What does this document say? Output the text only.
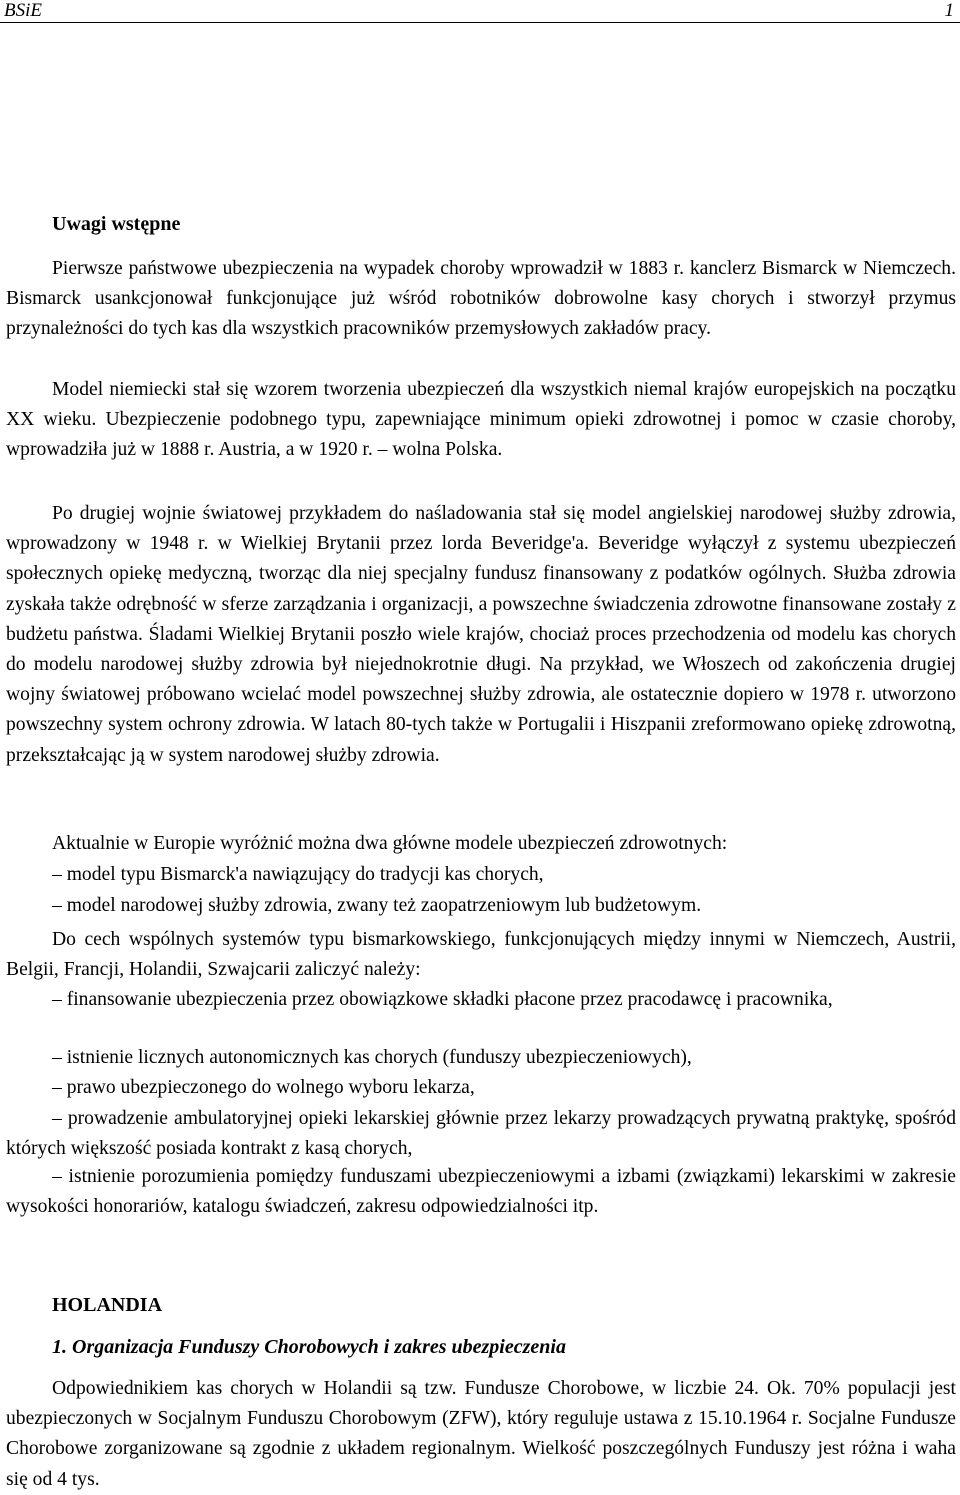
BSiE	1
Uwagi wstępne
Pierwsze państwowe ubezpieczenia na wypadek choroby wprowadził w 1883 r. kanclerz Bismarck w Niemczech. Bismarck usankcjonował funkcjonujące już wśród robotników dobrowolne kasy chorych i stworzył przymus przynależności do tych kas dla wszystkich pracowników przemysłowych zakładów pracy.
Model niemiecki stał się wzorem tworzenia ubezpieczeń dla wszystkich niemal krajów europejskich na początku XX wieku. Ubezpieczenie podobnego typu, zapewniające minimum opieki zdrowotnej i pomoc w czasie choroby, wprowadziła już w 1888 r. Austria, a w 1920 r. – wolna Polska.
Po drugiej wojnie światowej przykładem do naśladowania stał się model angielskiej narodowej służby zdrowia, wprowadzony w 1948 r. w Wielkiej Brytanii przez lorda Beveridge'a. Beveridge wyłączył z systemu ubezpieczeń społecznych opiekę medyczną, tworząc dla niej specjalny fundusz finansowany z podatków ogólnych. Służba zdrowia zyskała także odrębność w sferze zarządzania i organizacji, a powszechne świadczenia zdrowotne finansowane zostały z budżetu państwa. Śladami Wielkiej Brytanii poszło wiele krajów, chociaż proces przechodzenia od modelu kas chorych do modelu narodowej służby zdrowia był niejednokrotnie długi. Na przykład, we Włoszech od zakończenia drugiej wojny światowej próbowano wcielać model powszechnej służby zdrowia, ale ostatecznie dopiero w 1978 r. utworzono powszechny system ochrony zdrowia. W latach 80-tych także w Portugalii i Hiszpanii zreformowano opiekę zdrowotną, przekształcając ją w system narodowej służby zdrowia.
Aktualnie w Europie wyróżnić można dwa główne modele ubezpieczeń zdrowotnych:
– model typu Bismarck'a nawiązujący do tradycji kas chorych,
– model narodowej służby zdrowia, zwany też zaopatrzeniowym lub budżetowym.
Do cech wspólnych systemów typu bismarkowskiego, funkcjonujących między innymi w Niemczech, Austrii, Belgii, Francji, Holandii, Szwajcarii zaliczyć należy:
– finansowanie ubezpieczenia przez obowiązkowe składki płacone przez pracodawcę i pracownika,
– istnienie licznych autonomicznych kas chorych (funduszy ubezpieczeniowych),
– prawo ubezpieczonego do wolnego wyboru lekarza,
– prowadzenie ambulatoryjnej opieki lekarskiej głównie przez lekarzy prowadzących prywatną praktykę, spośród których większość posiada kontrakt z kasą chorych,
– istnienie porozumienia pomiędzy funduszami ubezpieczeniowymi a izbami (związkami) lekarskimi w zakresie wysokości honorariów, katalogu świadczeń, zakresu odpowiedzialności itp.
HOLANDIA
1. Organizacja Funduszy Chorobowych i zakres ubezpieczenia
Odpowiednikiem kas chorych w Holandii są tzw. Fundusze Chorobowe, w liczbie 24. Ok. 70% populacji jest ubezpieczonych w Socjalnym Funduszu Chorobowym (ZFW), który reguluje ustawa z 15.10.1964 r. Socjalne Fundusze Chorobowe zorganizowane są zgodnie z układem regionalnym. Wielkość poszczególnych Funduszy jest różna i waha się od 4 tys.
